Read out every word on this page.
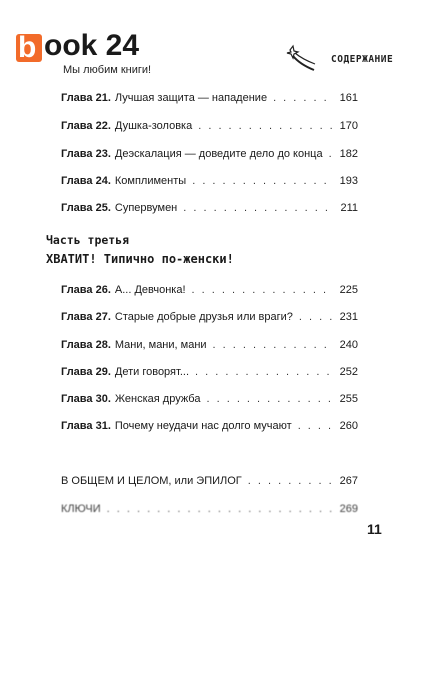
b ook 24
Мы любим книги!
СОДЕРЖАНИЕ
Глава 21. Лучшая защита — нападение . . .	161
Глава 22. Душка-золовка . . .	170
Глава 23. Деэскалация — доведите дело до конца . . . 182
Глава 24. Комплименты . . .	193
Глава 25. Супервумен . . .	211
Часть третья
ХВАТИТ! Типично по-женски!
Глава 26. А... Девчонка! . . .	225
Глава 27. Старые добрые друзья или враги? . . .	231
Глава 28. Мани, мани, мани . . .	240
Глава 29. Дети говорят... . . .	252
Глава 30. Женская дружба . . .	255
Глава 31. Почему неудачи нас долго мучают . . .	260
В ОБЩЕМ И ЦЕЛОМ, или ЭПИЛОГ . . .	267
КЛЮЧИ . . .	269
11
